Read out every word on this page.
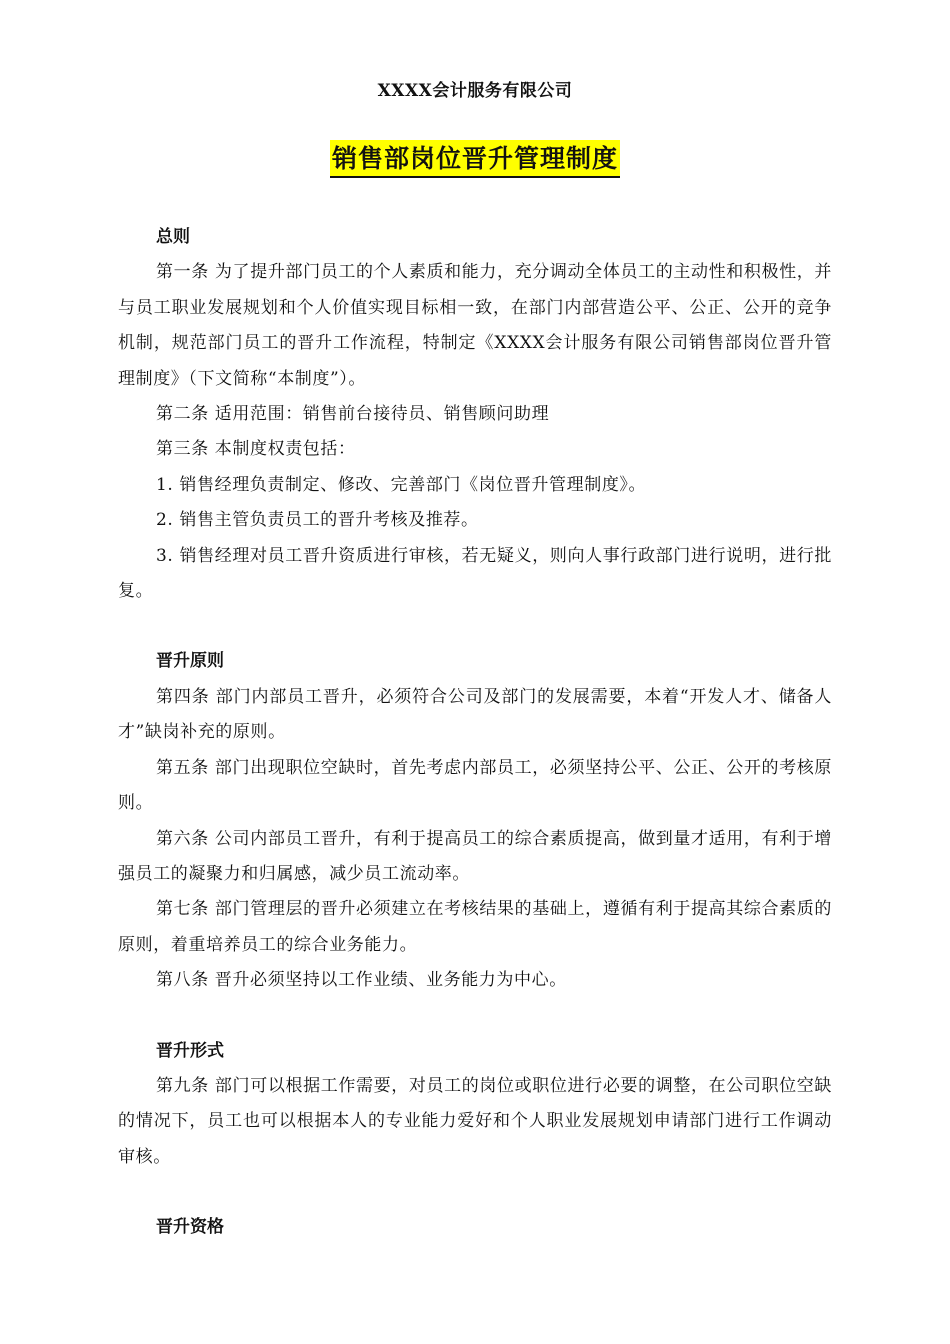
XXXX会计服务有限公司
销售部岗位晋升管理制度

总则

第一条 为了提升部门员工的个人素质和能力，充分调动全体员工的主动性和积极性，并与员工职业发展规划和个人价值实现目标相一致，在部门内部营造公平、公正、公开的竞争机制，规范部门员工的晋升工作流程，特制定《XXXX会计服务有限公司销售部岗位晋升管理制度》（下文简称“本制度”）。

第二条 适用范围：销售前台接待员、销售顾问助理

第三条 本制度权责包括：

1. 销售经理负责制定、修改、完善部门《岗位晋升管理制度》。

2. 销售主管负责员工的晋升考核及推荐。

3. 销售经理对员工晋升资质进行审核，若无疑义，则向人事行政部门进行说明，进行批复。

晋升原则

第四条 部门内部员工晋升，必须符合公司及部门的发展需要，本着“开发人才、储备人才”缺岗补充的原则。

第五条 部门出现职位空缺时，首先考虑内部员工，必须坚持公平、公正、公开的考核原则。

第六条 公司内部员工晋升，有利于提高员工的综合素质提高，做到量才适用，有利于增强员工的凝聚力和归属感，减少员工流动率。

第七条 部门管理层的晋升必须建立在考核结果的基础上，遵循有利于提高其综合素质的原则，着重培养员工的综合业务能力。

第八条 晋升必须坚持以工作业绩、业务能力为中心。

晋升形式

第九条 部门可以根据工作需要，对员工的岗位或职位进行必要的调整，在公司职位空缺的情况下，员工也可以根据本人的专业能力爱好和个人职业发展规划申请部门进行工作调动审核。

晋升资格
